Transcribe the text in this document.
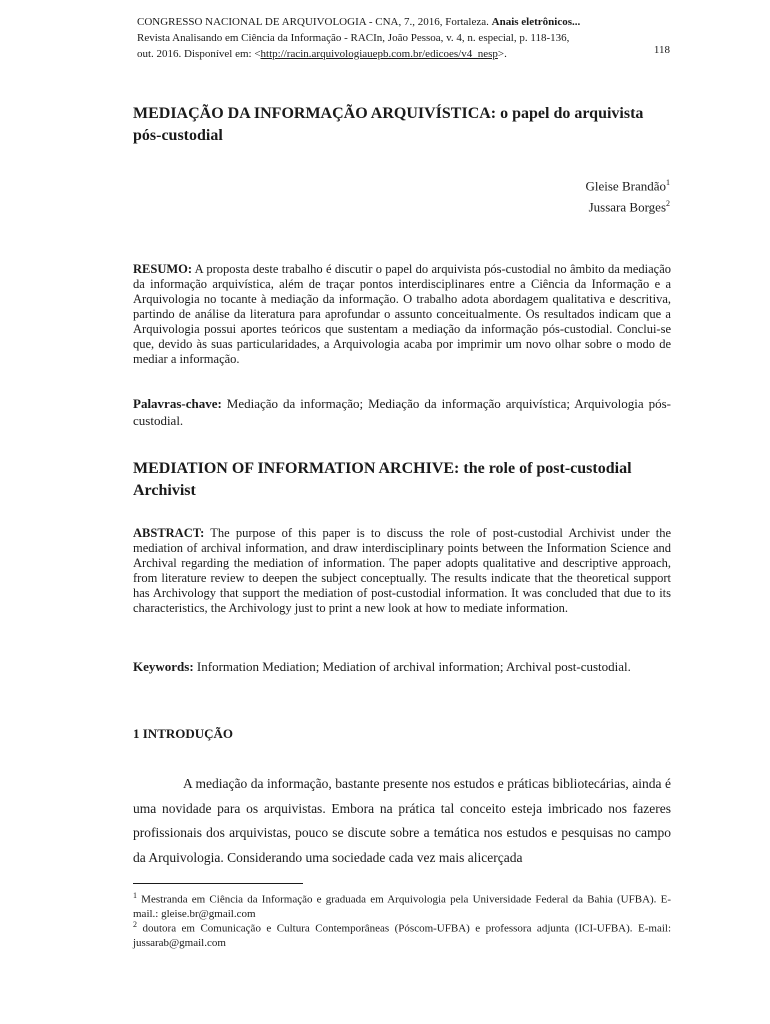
CONGRESSO NACIONAL DE ARQUIVOLOGIA - CNA, 7., 2016, Fortaleza. Anais eletrônicos...
Revista Analisando em Ciência da Informação - RACIn, João Pessoa, v. 4, n. especial, p. 118-136,
out. 2016. Disponível em: <http://racin.arquivologiauepb.com.br/edicoes/v4_nesp>.	118
MEDIAÇÃO DA INFORMAÇÃO ARQUIVÍSTICA: o papel do arquivista pós-custodial
Gleise Brandão$^1$
Jussara Borges$^2$
RESUMO: A proposta deste trabalho é discutir o papel do arquivista pós-custodial no âmbito da mediação da informação arquivística, além de traçar pontos interdisciplinares entre a Ciência da Informação e a Arquivologia no tocante à mediação da informação. O trabalho adota abordagem qualitativa e descritiva, partindo de análise da literatura para aprofundar o assunto conceitualmente. Os resultados indicam que a Arquivologia possui aportes teóricos que sustentam a mediação da informação pós-custodial. Conclui-se que, devido às suas particularidades, a Arquivologia acaba por imprimir um novo olhar sobre o modo de mediar a informação.
Palavras-chave: Mediação da informação; Mediação da informação arquivística; Arquivologia pós-custodial.
MEDIATION OF INFORMATION ARCHIVE: the role of post-custodial Archivist
ABSTRACT: The purpose of this paper is to discuss the role of post-custodial Archivist under the mediation of archival information, and draw interdisciplinary points between the Information Science and Archival regarding the mediation of information. The paper adopts qualitative and descriptive approach, from literature review to deepen the subject conceptually. The results indicate that the theoretical support has Archivology that support the mediation of post-custodial information. It was concluded that due to its characteristics, the Archivology just to print a new look at how to mediate information.
Keywords: Information Mediation; Mediation of archival information; Archival post-custodial.
1 INTRODUÇÃO
A mediação da informação, bastante presente nos estudos e práticas bibliotecárias, ainda é uma novidade para os arquivistas. Embora na prática tal conceito esteja imbricado nos fazeres profissionais dos arquivistas, pouco se discute sobre a temática nos estudos e pesquisas no campo da Arquivologia. Considerando uma sociedade cada vez mais alicerçada
$^1$ Mestranda em Ciência da Informação e graduada em Arquivologia pela Universidade Federal da Bahia (UFBA). E-mail.: gleise.br@gmail.com
$^2$ doutora em Comunicação e Cultura Contemporâneas (Póscom-UFBA) e professora adjunta (ICI-UFBA). E-mail: jussarab@gmail.com
